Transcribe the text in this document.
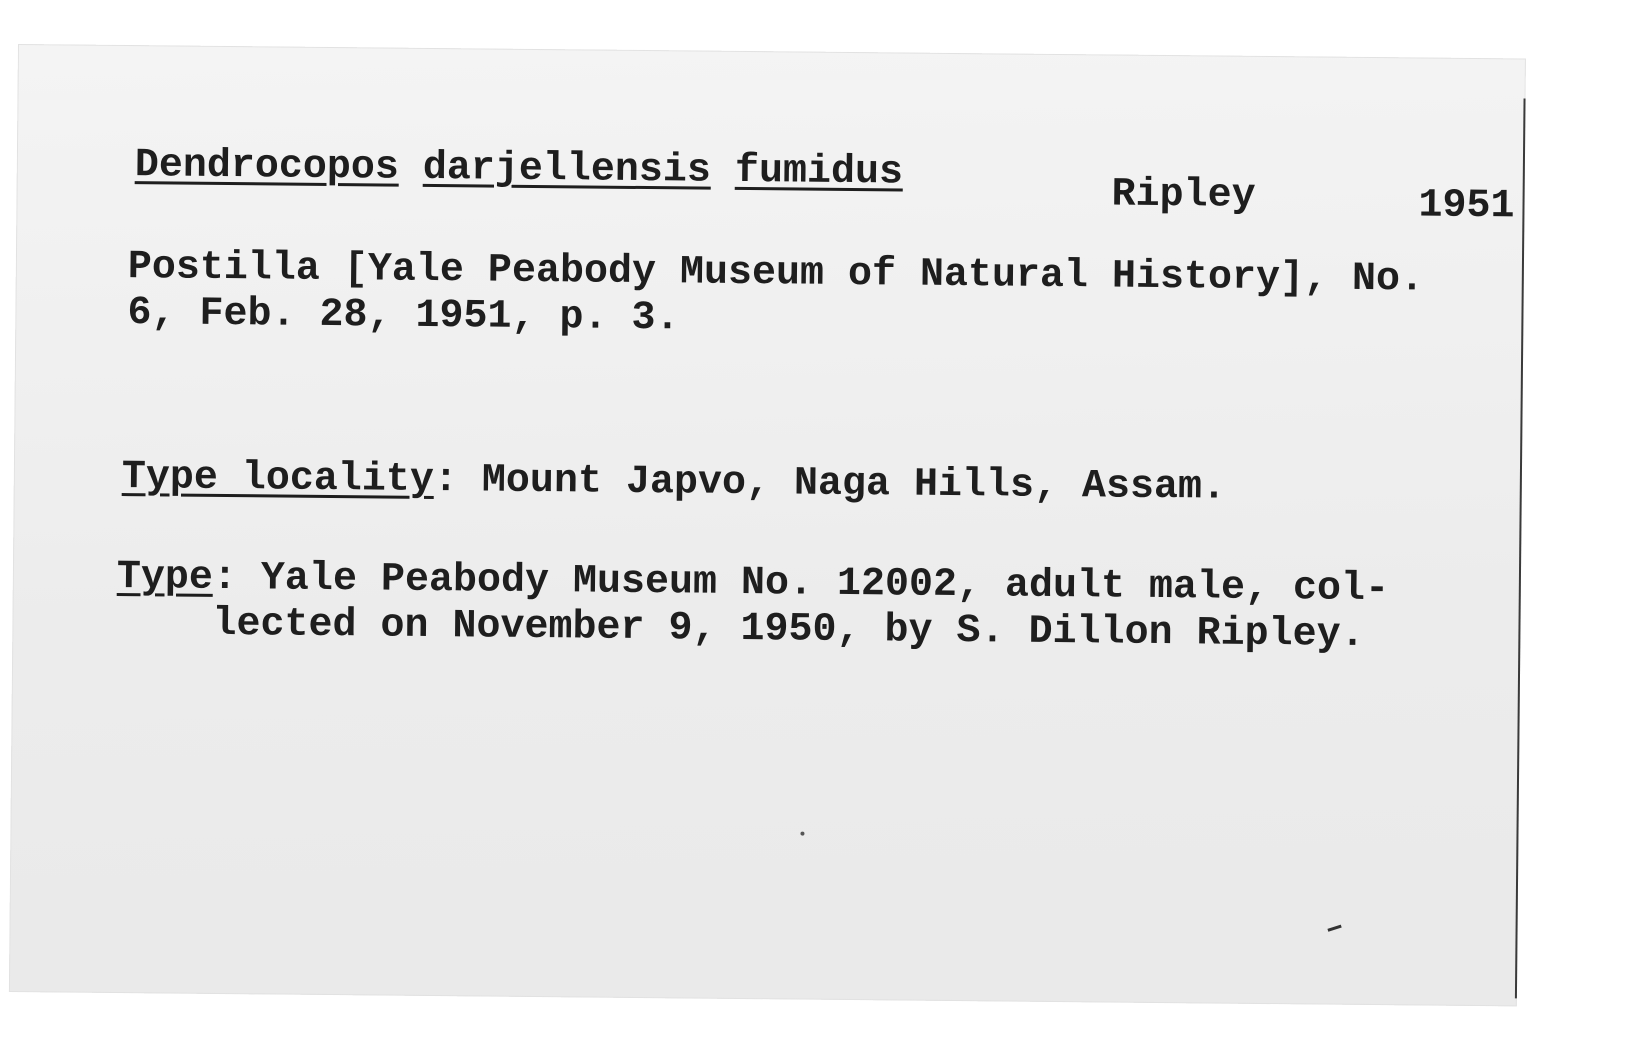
Dendrocopos darjellensis fumidus
Ripley	1951
Postilla [Yale Peabody Museum of Natural History], No.
6, Feb. 28, 1951, p. 3.
Type locality: Mount Japvo, Naga Hills, Assam.
Type: Yale Peabody Museum No. 12002, adult male, col-
lected on November 9, 1950, by S. Dillon Ripley.
